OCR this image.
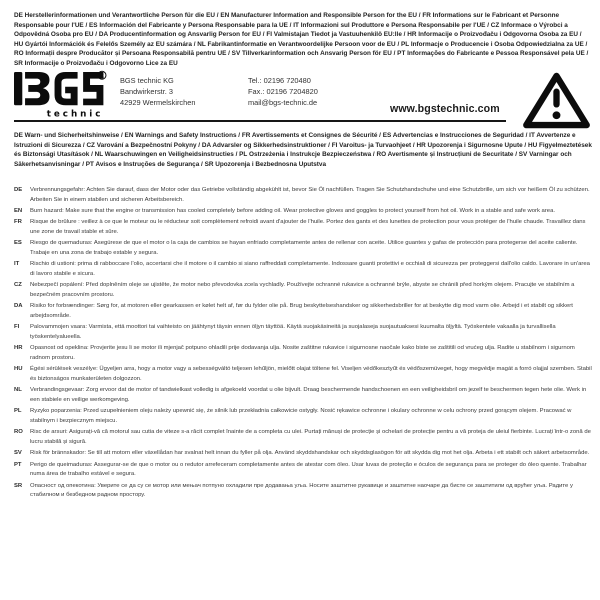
DE Herstellerinformationen und Verantwortliche Person für die EU / EN Manufacturer Information and Responsible Person for the EU / FR Informations sur le Fabricant et Personne Responsable pour l'UE / ES Información del Fabricante y Persona Responsable para la UE / IT Informazioni sul Produttore e Persona Responsabile per l'UE / CZ Informace o Výrobci a Odpovědná Osoba pro EU / DA Producentinformation og Ansvarlig Person for EU / FI Valmistajan Tiedot ja Vastuuhenkilö EU:lle / HR Informacije o Proizvođaču i Odgovorna Osoba za EU / HU Gyártói Információk és Felelős Személy az EU számára / NL Fabrikantinformatie en Verantwoordelijke Persoon voor de EU / PL Informacje o Producencie i Osoba Odpowiedzialna za UE / RO Informații despre Producător și Persoana Responsabilă pentru UE / SV Tillverkarinformation och Ansvarig Person för EU / PT Informações do Fabricante e Pessoa Responsável pela UE / SR Informacije o Proizvođaču i Odgovorno Lice za EU
R
technic
BGS technic KG
Bandwirkerstr. 3
42929 Wermelskirchen
Tel.: 02196 720480
Fax.: 02196 7204820
mail@bgs-technic.de
www.bgstechnic.com
DE Warn- und Sicherheitshinweise / EN Warnings and Safety Instructions / FR Avertissements et Consignes de Sécurité / ES Advertencias e Instrucciones de Seguridad / IT Avvertenze e Istruzioni di Sicurezza / CZ Varování a Bezpečnostní Pokyny / DA Advarsler og Sikkerhedsinstruktioner / FI Varoitus- ja Turvaohjeet / HR Upozorenja i Sigurnosne Upute / HU Figyelmeztetések és Biztonsági Utasítások / NL Waarschuwingen en Veiligheidsinstructies / PL Ostrzeżenia i Instrukcje Bezpieczeństwa / RO Avertismente și Instrucțiuni de Securitate / SV Varningar och Säkerhetsanvisningar / PT Avisos e Instruções de Segurança / SR Upozorenja i Bezbednosna Uputstva
DE	Verbrennungsgefahr: Achten Sie darauf, dass der Motor oder das Getriebe vollständig abgekühlt ist, bevor Sie Öl nachfüllen. Tragen Sie Schutzhandschuhe und eine Schutzbrille, um sich vor heißem Öl zu schützen. Arbeiten Sie in einem stabilen und sicheren Arbeitsbereich.
EN	Burn hazard: Make sure that the engine or transmission has cooled completely before adding oil. Wear protective gloves and goggles to protect yourself from hot oil. Work in a stable and safe work area.
FR	Risque de brûlure : veillez à ce que le moteur ou le réducteur soit complètement refroidi avant d'ajouter de l'huile. Portez des gants et des lunettes de protection pour vous protéger de l'huile chaude. Travaillez dans une zone de travail stable et sûre.
ES	Riesgo de quemaduras: Asegúrese de que el motor o la caja de cambios se hayan enfriado completamente antes de rellenar con aceite. Utilice guantes y gafas de protección para protegerse del aceite caliente. Trabaje en una zona de trabajo estable y segura.
IT	Rischio di ustioni: prima di rabboccare l'olio, accertarsi che il motore o il cambio si siano raffreddati completamente. Indossare guanti protettivi e occhiali di sicurezza per proteggersi dall'olio caldo. Lavorare in un'area di lavoro stabile e sicura.
CZ	Nebezpečí popálení: Před doplněním oleje se ujistěte, že motor nebo převodovka zcela vychladly. Používejte ochranné rukavice a ochranné brýle, abyste se chránili před horkým olejem. Pracujte ve stabilním a bezpečném pracovním prostoru.
DA	Risiko for forbrændinger: Sørg for, at motoren eller gearkassen er kølet helt af, før du fylder olie på. Brug beskyttelseshandsker og sikkerhedsbriller for at beskytte dig mod varm olie. Arbejd i et stabilt og sikkert arbejdsområde.
FI	Palovammojen vaara: Varmista, että moottori tai vaihteisto on jäähtynyt täysin ennen öljyn täyttöä. Käytä suojakäsineitä ja suojalaseja suojautuaksesi kuumalta öljyltä. Työskentele vakaalla ja turvallisella työskentelyalueella.
HR	Opasnost od opeklina: Provjerite jesu li se motor ili mjenjač potpuno ohladili prije dodavanja ulja. Nosite zaštitne rukavice i sigurnosne naočale kako biste se zaštitili od vrućeg ulja. Radite u stabilnom i sigurnom radnom prostoru.
HU	Égési sérülések veszélye: Ügyeljen arra, hogy a motor vagy a sebességváltó teljesen lehűljön, mielőtt olajat töltene fel. Viseljen védőkesztyűt és védőszemüveget, hogy megvédje magát a forró olajjal szemben. Stabil és biztonságos munkaterületen dolgozzon.
NL	Verbrandingsgevaar: Zorg ervoor dat de motor of tandwielkast volledig is afgekoeld voordat u olie bijvult. Draag beschermende handschoenen en een veiligheidsbril om jezelf te beschermen tegen hete olie. Werk in een stabiele en veilige werkomgeving.
PL	Ryzyko poparzenia: Przed uzupełnieniem oleju należy upewnić się, że silnik lub przekładnia całkowicie ostygły. Nosić rękawice ochronne i okulary ochronne w celu ochrony przed gorącym olejem. Pracować w stabilnym i bezpiecznym miejscu.
RO	Risc de arsuri: Asigurați-vă că motorul sau cutia de viteze s-a răcit complet înainte de a completa cu ulei. Purtați mănuși de protecție și ochelari de protecție pentru a vă proteja de uleiul fierbinte. Lucrați într-o zonă de lucru stabilă și sigură.
SV	Risk för brännskador: Se till att motorn eller växellådan har svalnat helt innan du fyller på olja. Använd skyddshandskar och skyddsglasögon för att skydda dig mot het olja. Arbeta i ett stabilt och säkert arbetsområde.
PT	Perigo de queimaduras: Assegurar-se de que o motor ou o redutor arrefeceram completamente antes de atestar com óleo. Usar luvas de proteção e óculos de segurança para se proteger do óleo quente. Trabalhar numa área de trabalho estável e segura.
SR	Опасност од опекотина: Уверите се да су се мотор или мењач потпуно охладили пре додавања уља. Носите заштитне рукавице и заштитне наочаре да бисте се заштитили од врућег уља. Радите у стабилном и безбедном радном простору.
